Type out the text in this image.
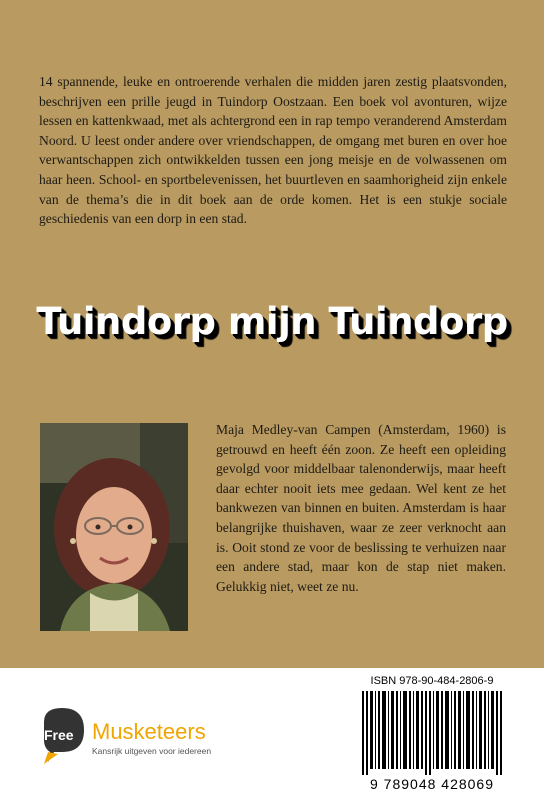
14 spannende, leuke en ontroerende verhalen die midden jaren zestig plaatsvonden, beschrijven een prille jeugd in Tuindorp Oostzaan. Een boek vol avonturen, wijze lessen en kattenkwaad, met als achtergrond een in rap tempo veranderend Amsterdam Noord. U leest onder andere over vriendschappen, de omgang met buren en over hoe verwantschappen zich ontwikkelden tussen een jong meisje en de volwassenen om haar heen. School- en sportbelevenissen, het buurtleven en saamhorigheid zijn enkele van de thema’s die in dit boek aan de orde komen. Het is een stukje sociale geschiedenis van een dorp in een stad.

Tuindorp mijn Tuindorp

Maja Medley-van Campen (Amsterdam, 1960) is getrouwd en heeft één zoon. Ze heeft een opleiding gevolgd voor middelbaar talenonderwijs, maar heeft daar echter nooit iets mee gedaan. Wel kent ze het bankwezen van binnen en buiten. Amsterdam is haar belangrijke thuishaven, waar ze zeer verknocht aan is. Ooit stond ze voor de beslissing te verhuizen naar een andere stad, maar kon de stap niet maken. Gelukkig niet, weet ze nu.

Free Musketeers
Kansrijk uitgeven voor iedereen
ISBN 978-90-484-2806-9
9 789048 428069
